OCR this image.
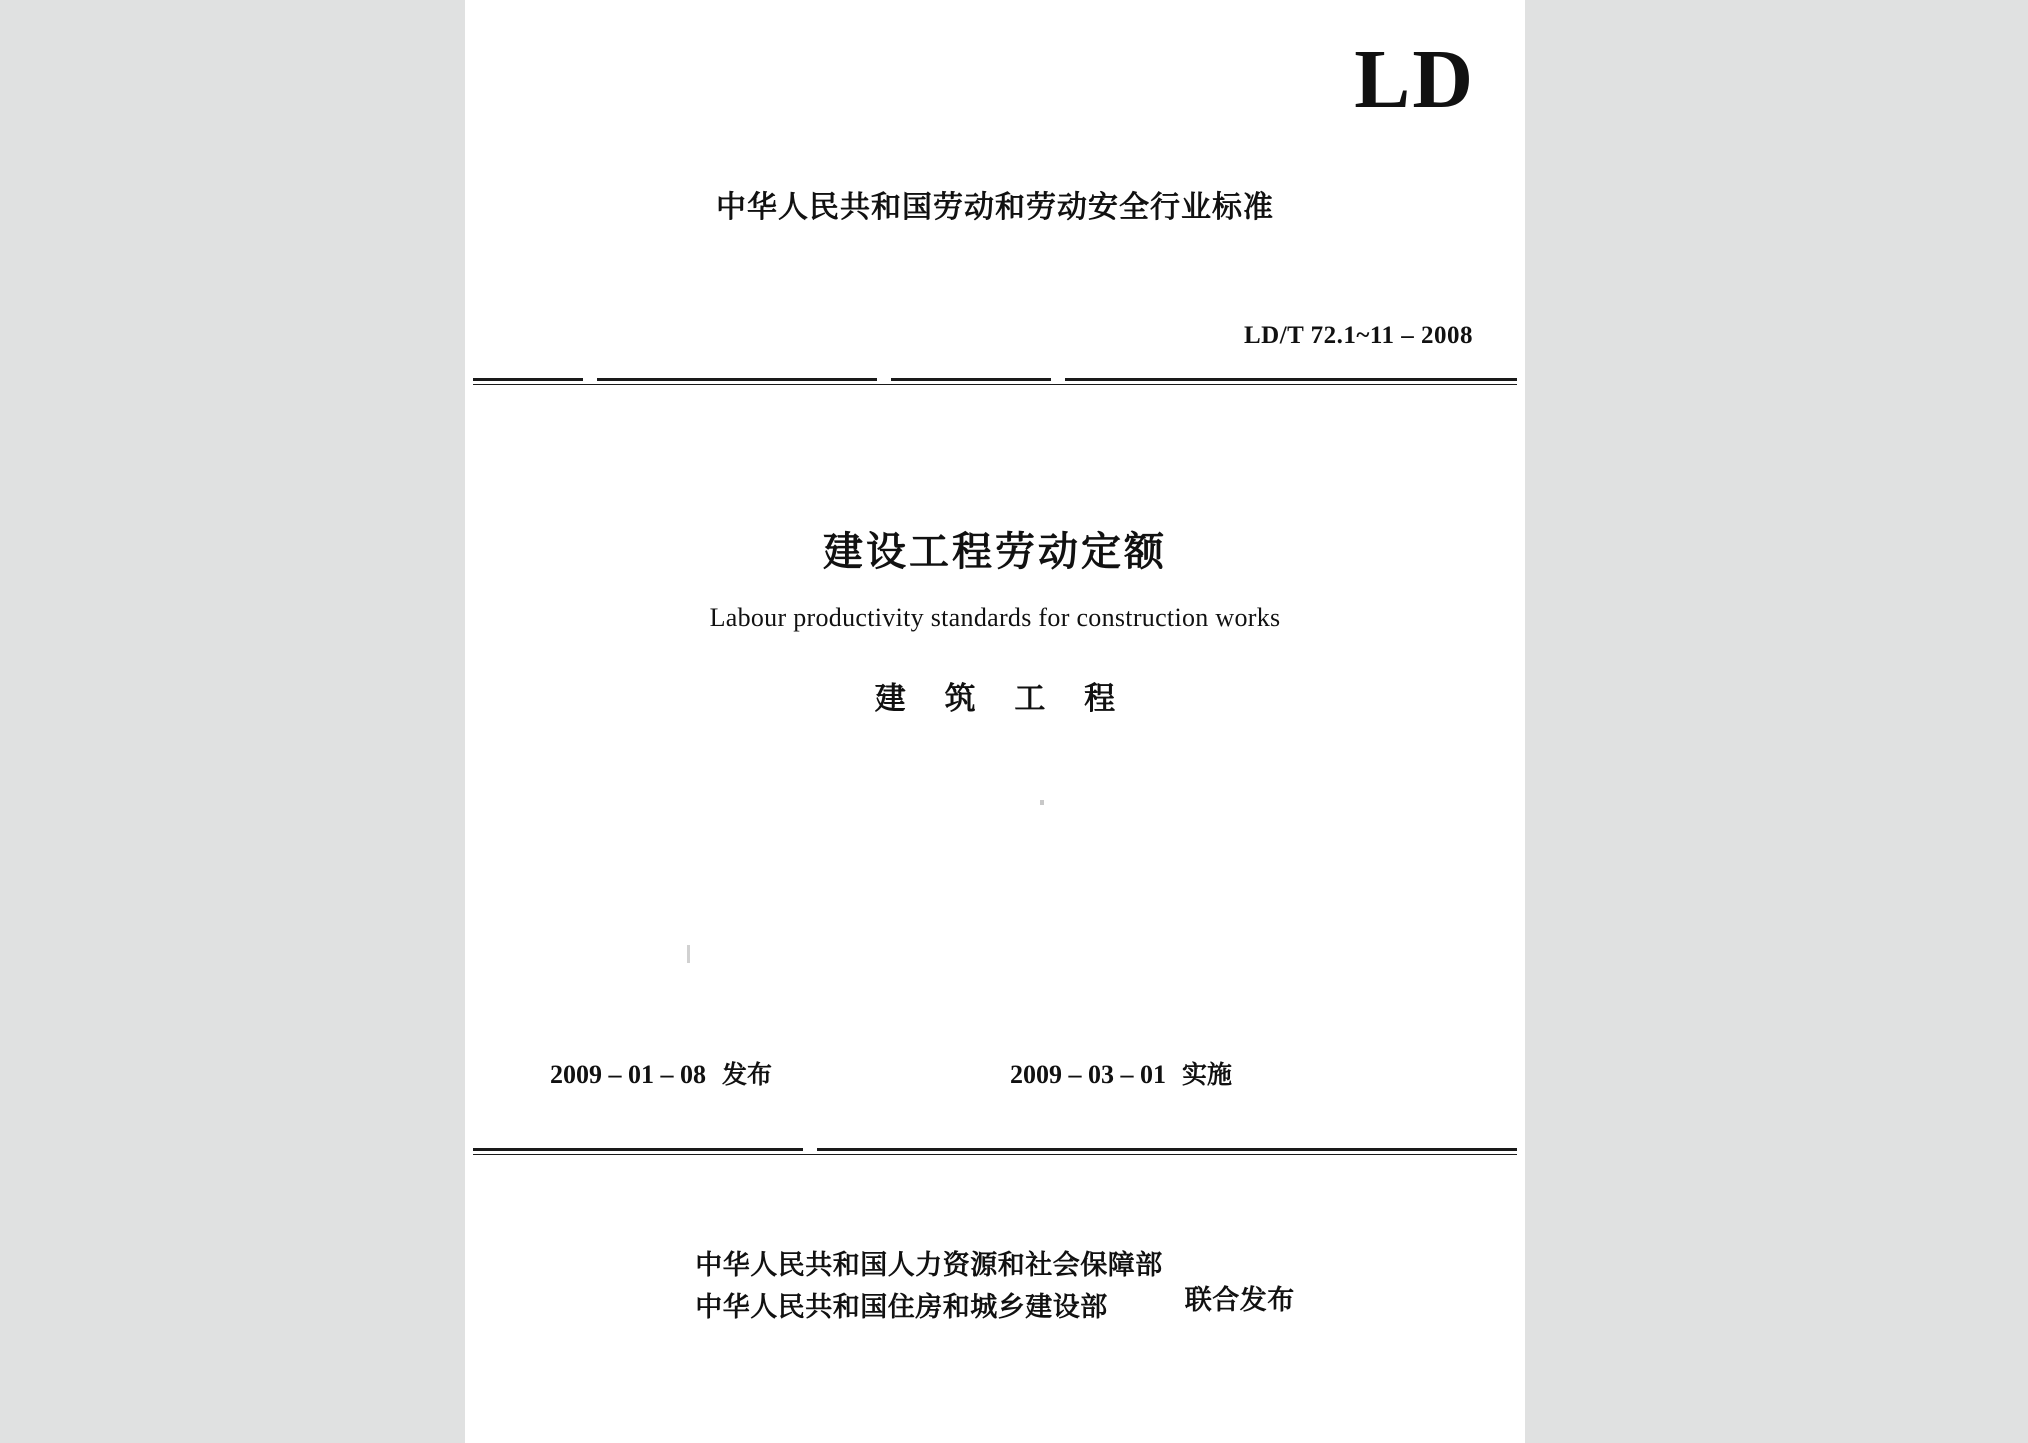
LD
中华人民共和国劳动和劳动安全行业标准
LD/T 72.1~11 – 2008
建设工程劳动定额
Labour productivity standards for construction works
建 筑 工 程
2009 – 01 – 08 发布	2009 – 03 – 01 实施
中华人民共和国人力资源和社会保障部
中华人民共和国住房和城乡建设部	联合发布
